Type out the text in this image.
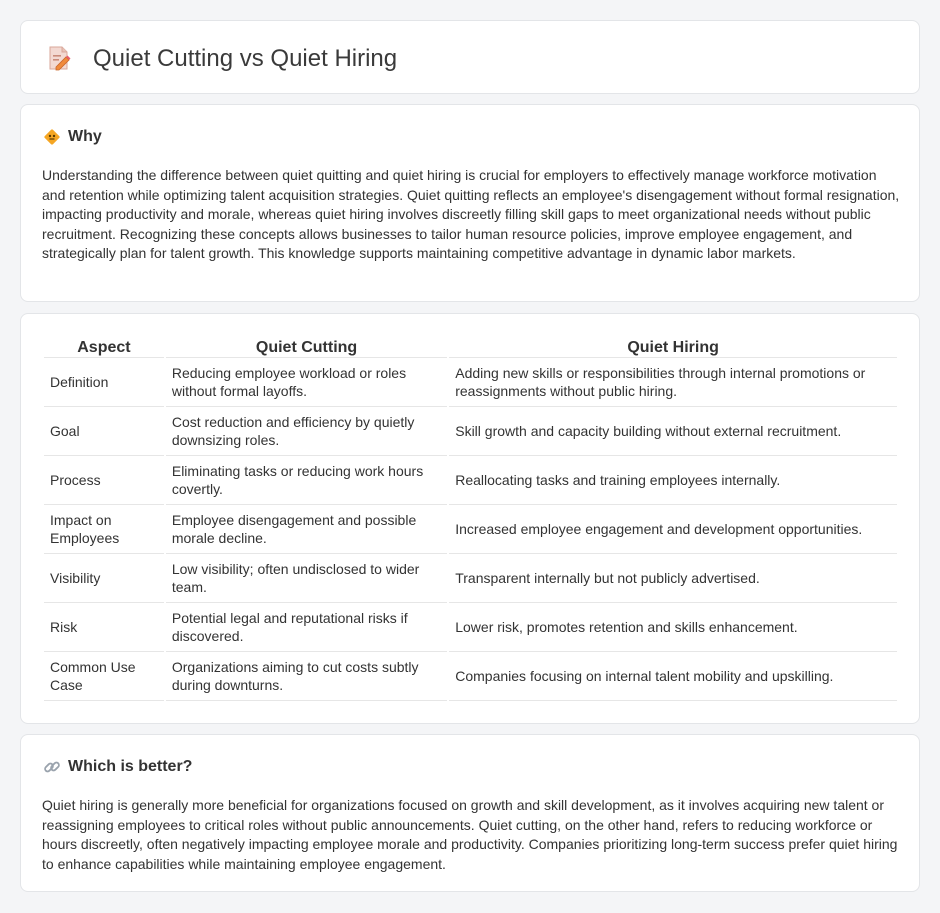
Quiet Cutting vs Quiet Hiring
Why

Understanding the difference between quiet quitting and quiet hiring is crucial for employers to effectively manage workforce motivation and retention while optimizing talent acquisition strategies. Quiet quitting reflects an employee's disengagement without formal resignation, impacting productivity and morale, whereas quiet hiring involves discreetly filling skill gaps to meet organizational needs without public recruitment. Recognizing these concepts allows businesses to tailor human resource policies, improve employee engagement, and strategically plan for talent growth. This knowledge supports maintaining competitive advantage in dynamic labor markets.

Aspect	Quiet Cutting	Quiet Hiring
Definition	Reducing employee workload or roles without formal layoffs.	Adding new skills or responsibilities through internal promotions or reassignments without public hiring.
Goal	Cost reduction and efficiency by quietly downsizing roles.	Skill growth and capacity building without external recruitment.
Process	Eliminating tasks or reducing work hours covertly.	Reallocating tasks and training employees internally.
Impact on Employees	Employee disengagement and possible morale decline.	Increased employee engagement and development opportunities.
Visibility	Low visibility; often undisclosed to wider team.	Transparent internally but not publicly advertised.
Risk	Potential legal and reputational risks if discovered.	Lower risk, promotes retention and skills enhancement.
Common Use Case	Organizations aiming to cut costs subtly during downturns.	Companies focusing on internal talent mobility and upskilling.
Which is better?

Quiet hiring is generally more beneficial for organizations focused on growth and skill development, as it involves acquiring new talent or reassigning employees to critical roles without public announcements. Quiet cutting, on the other hand, refers to reducing workforce or hours discreetly, often negatively impacting employee morale and productivity. Companies prioritizing long-term success prefer quiet hiring to enhance capabilities while maintaining employee engagement.
